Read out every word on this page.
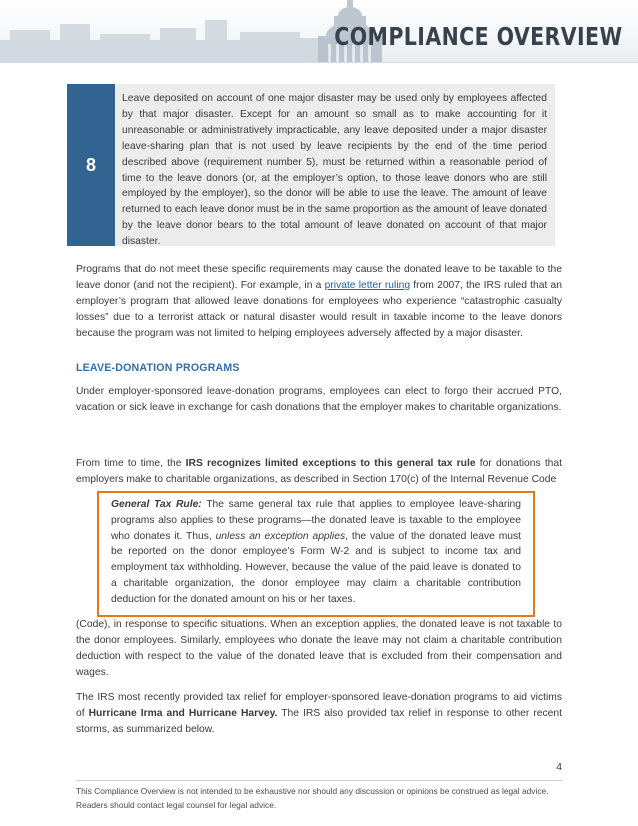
COMPLIANCE OVERVIEW
8
Leave deposited on account of one major disaster may be used only by employees affected by that major disaster. Except for an amount so small as to make accounting for it unreasonable or administratively impracticable, any leave deposited under a major disaster leave-sharing plan that is not used by leave recipients by the end of the time period described above (requirement number 5), must be returned within a reasonable period of time to the leave donors (or, at the employer’s option, to those leave donors who are still employed by the employer), so the donor will be able to use the leave. The amount of leave returned to each leave donor must be in the same proportion as the amount of leave donated by the leave donor bears to the total amount of leave donated on account of that major disaster.
Programs that do not meet these specific requirements may cause the donated leave to be taxable to the leave donor (and not the recipient). For example, in a private letter ruling from 2007, the IRS ruled that an employer’s program that allowed leave donations for employees who experience “catastrophic casualty losses” due to a terrorist attack or natural disaster would result in taxable income to the leave donors because the program was not limited to helping employees adversely affected by a major disaster.
LEAVE-DONATION PROGRAMS
Under employer-sponsored leave-donation programs, employees can elect to forgo their accrued PTO, vacation or sick leave in exchange for cash donations that the employer makes to charitable organizations.
From time to time, the IRS recognizes limited exceptions to this general tax rule for donations that employers make to charitable organizations, as described in Section 170(c) of the Internal Revenue Code
General Tax Rule: The same general tax rule that applies to employee leave-sharing programs also applies to these programs—the donated leave is taxable to the employee who donates it. Thus, unless an exception applies, the value of the donated leave must be reported on the donor employee’s Form W-2 and is subject to income tax and employment tax withholding. However, because the value of the paid leave is donated to a charitable organization, the donor employee may claim a charitable contribution deduction for the donated amount on his or her taxes.
(Code), in response to specific situations. When an exception applies, the donated leave is not taxable to the donor employees. Similarly, employees who donate the leave may not claim a charitable contribution deduction with respect to the value of the donated leave that is excluded from their compensation and wages.
The IRS most recently provided tax relief for employer-sponsored leave-donation programs to aid victims of Hurricane Irma and Hurricane Harvey. The IRS also provided tax relief in response to other recent storms, as summarized below.
4
This Compliance Overview is not intended to be exhaustive nor should any discussion or opinions be construed as legal advice.
Readers should contact legal counsel for legal advice.
